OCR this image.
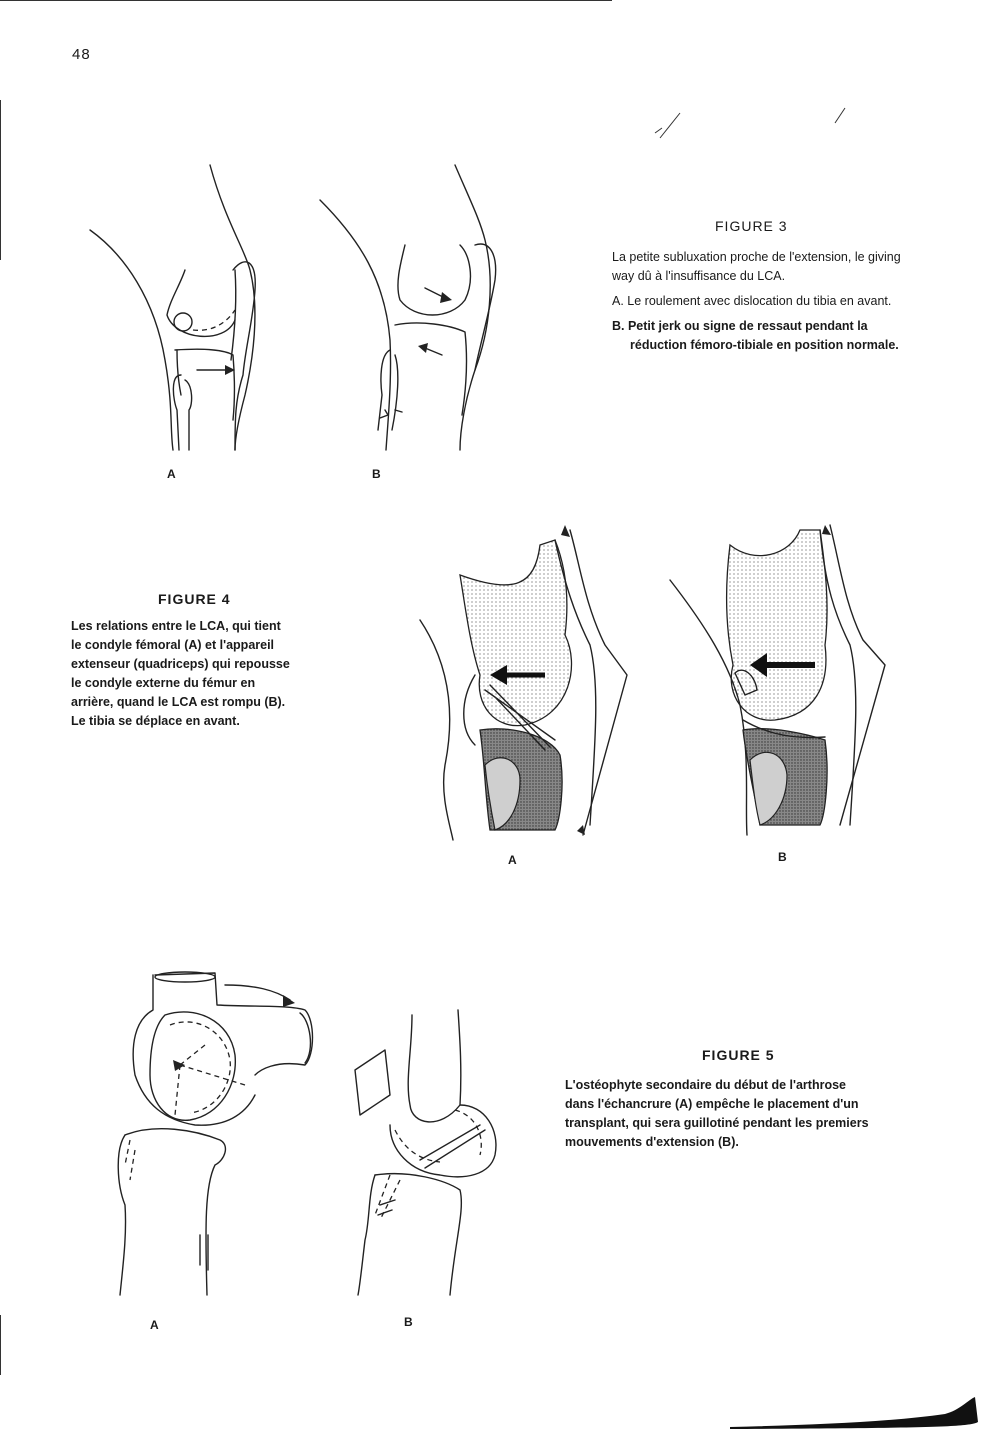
48
A	B
FIGURE 3

La petite subluxation proche de l'extension, le giving way dû à l'insuffisance du LCA.

A. Le roulement avec dislocation du tibia en avant.

B. Petit jerk ou signe de ressaut pendant la réduction fémoro-tibiale en position normale.

FIGURE 4
Les relations entre le LCA, qui tient
le condyle fémoral (A) et l'appareil
extenseur (quadriceps) qui repousse
le condyle externe du fémur en
arrière, quand le LCA est rompu (B).
Le tibia se déplace en avant.
A	B
A	B
FIGURE 5
L'ostéophyte secondaire du début de l'arthrose
dans l'échancrure (A) empêche le placement d'un
transplant, qui sera guillotiné pendant les premiers
mouvements d'extension (B).
